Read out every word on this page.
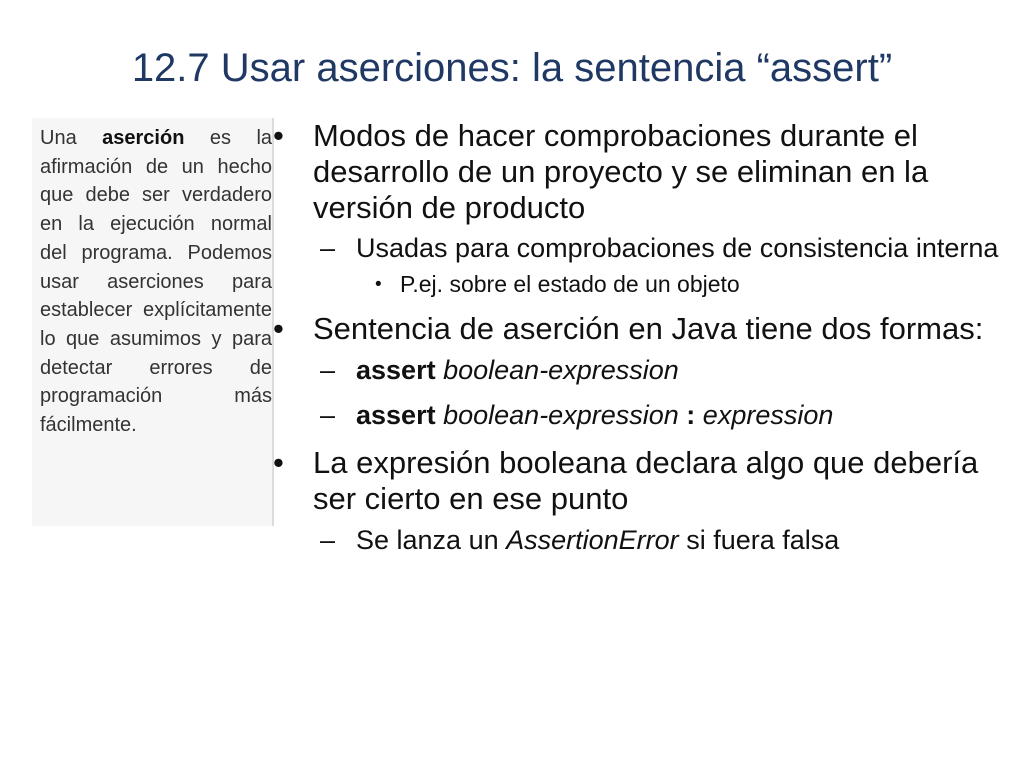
12.7 Usar aserciones: la sentencia “assert”
Una aserción es la afirmación de un hecho que debe ser verdadero en la ejecución normal del programa. Podemos usar aserciones para establecer explícitamente lo que asumimos y para detectar errores de programación más fácilmente.
• Modos de hacer comprobaciones durante el desarrollo de un proyecto y se eliminan en la versión de producto
– Usadas para comprobaciones de consistencia interna
• P.ej. sobre el estado de un objeto
• Sentencia de aserción en Java tiene dos formas:
– assert boolean-expression
– assert boolean-expression : expression
• La expresión booleana declara algo que debería ser cierto en ese punto
– Se lanza un AssertionError si fuera falsa
